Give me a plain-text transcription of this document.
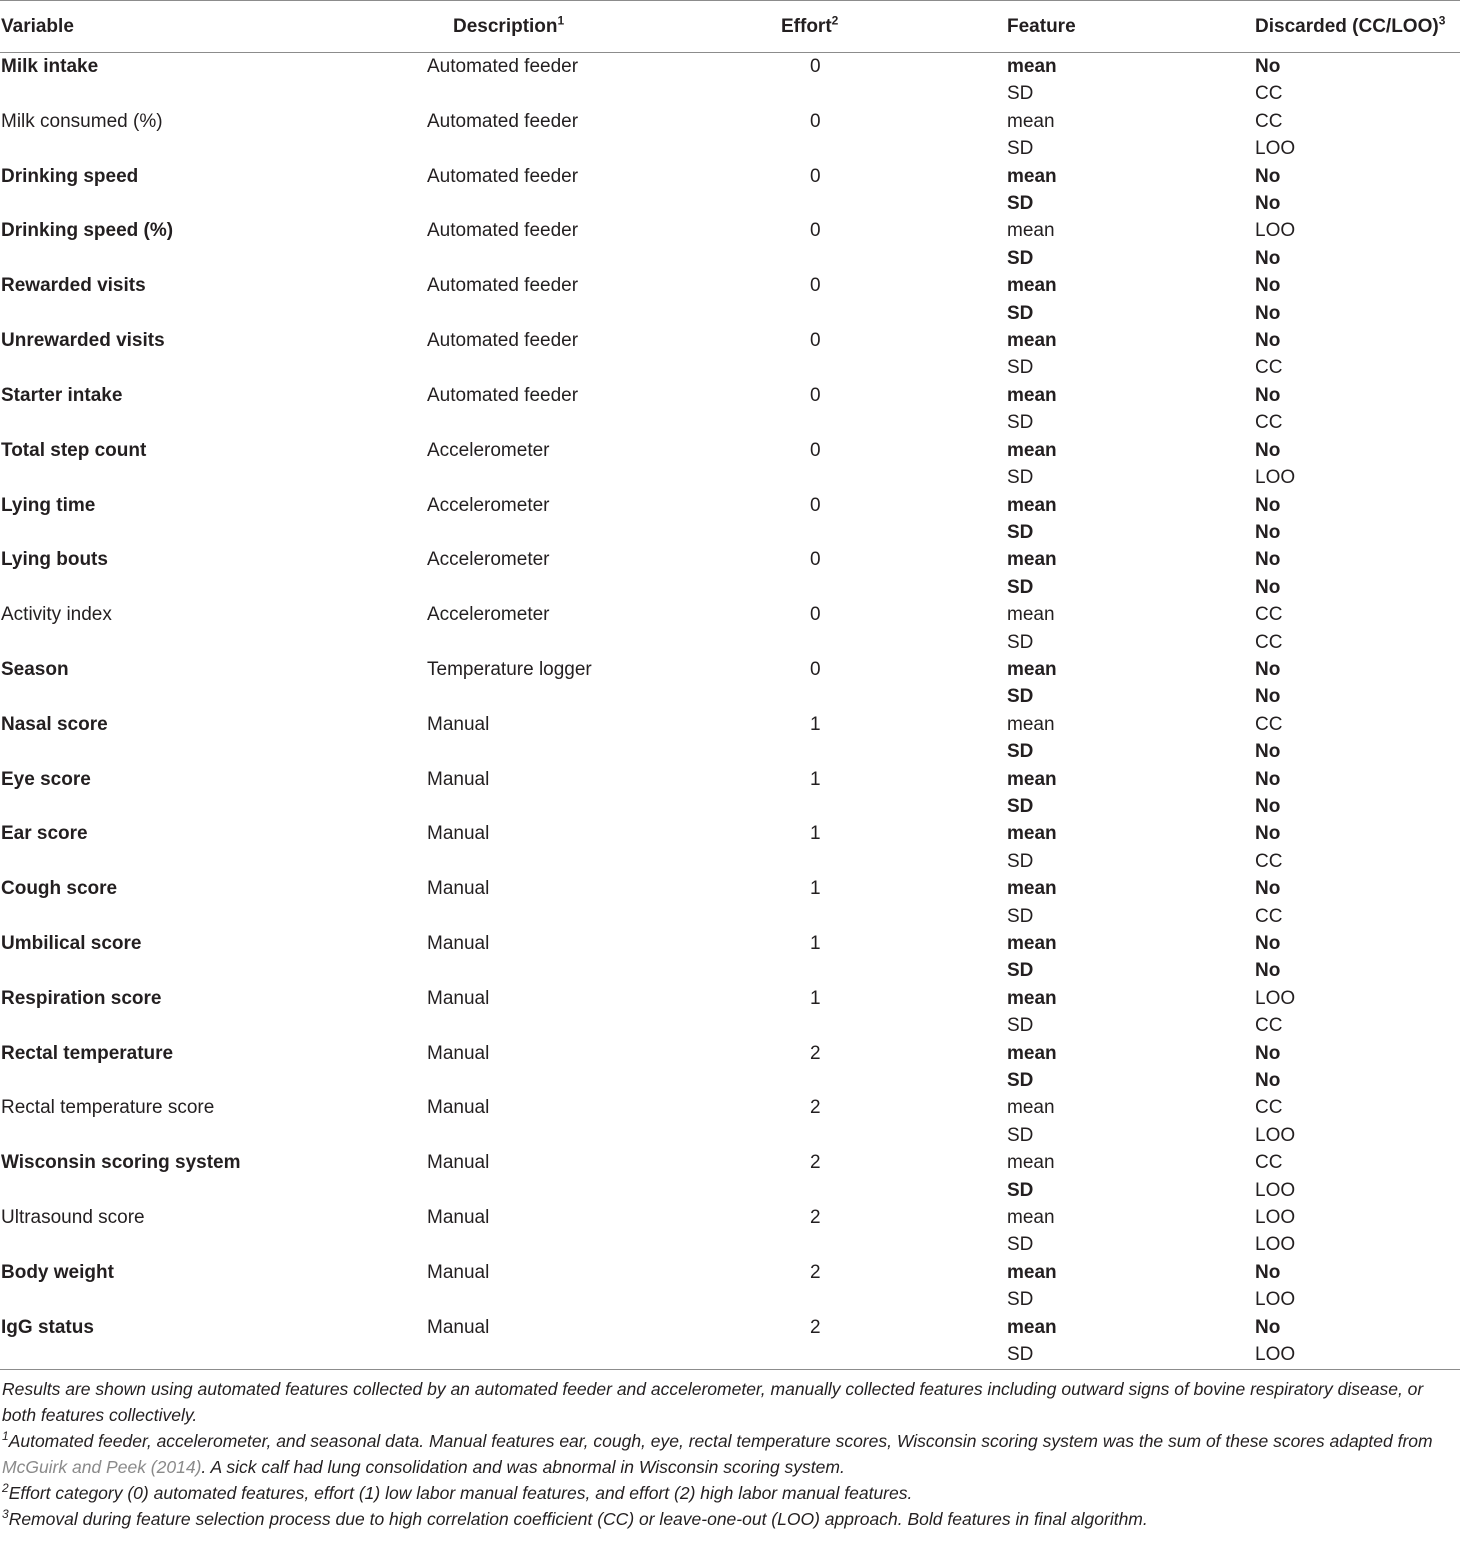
Variable	Description$^1$	Effort$^2$	Feature	Discarded $(CC/LOO)^3$
Milk intake	Automated feeder	0	mean	No
			SD	CC
Milk consumed (%)	Automated feeder	0	mean	CC
			SD	LOO
Drinking speed	Automated feeder	0	mean	No
			SD	No
Drinking speed (%)	Automated feeder	0	mean	LOO
			SD	No
Rewarded visits	Automated feeder	0	mean	No
			SD	No
Unrewarded visits	Automated feeder	0	mean	No
			SD	CC
Starter intake	Automated feeder	0	mean	No
			SD	CC
Total step count	Accelerometer	0	mean	No
			SD	LOO
Lying time	Accelerometer	0	mean	No
			SD	No
Lying bouts	Accelerometer	0	mean	No
			SD	No
Activity index	Accelerometer	0	mean	CC
			SD	CC
Season	Temperature logger	0	mean	No
			SD	No
Nasal score	Manual	1	mean	CC
			SD	No
Eye score	Manual	1	mean	No
			SD	No
Ear score	Manual	1	mean	No
			SD	CC
Cough score	Manual	1	mean	No
			SD	CC
Umbilical score	Manual	1	mean	No
			SD	No
Respiration score	Manual	1	mean	LOO
			SD	CC
Rectal temperature	Manual	2	mean	No
			SD	No
Rectal temperature score	Manual	2	mean	CC
			SD	LOO
Wisconsin scoring system	Manual	2	mean	CC
			SD	LOO
Ultrasound score	Manual	2	mean	LOO
			SD	LOO
Body weight	Manual	2	mean	No
			SD	LOO
IgG status	Manual	2	mean	No
			SD	LOO

Results are shown using automated features collected by an automated feeder and accelerometer, manually collected features including outward signs of bovine respiratory disease, or both features collectively.

$^1$Automated feeder, accelerometer, and seasonal data. Manual features ear, cough, eye, rectal temperature scores, Wisconsin scoring system was the sum of these scores adapted from McGuirk and Peek (2014). A sick calf had lung consolidation and was abnormal in Wisconsin scoring system.

$^2$Effort category (0) automated features, effort (1) low labor manual features, and effort (2) high labor manual features.

$^3$Removal during feature selection process due to high correlation coefficient (CC) or leave-one-out (LOO) approach. Bold features in final algorithm.
